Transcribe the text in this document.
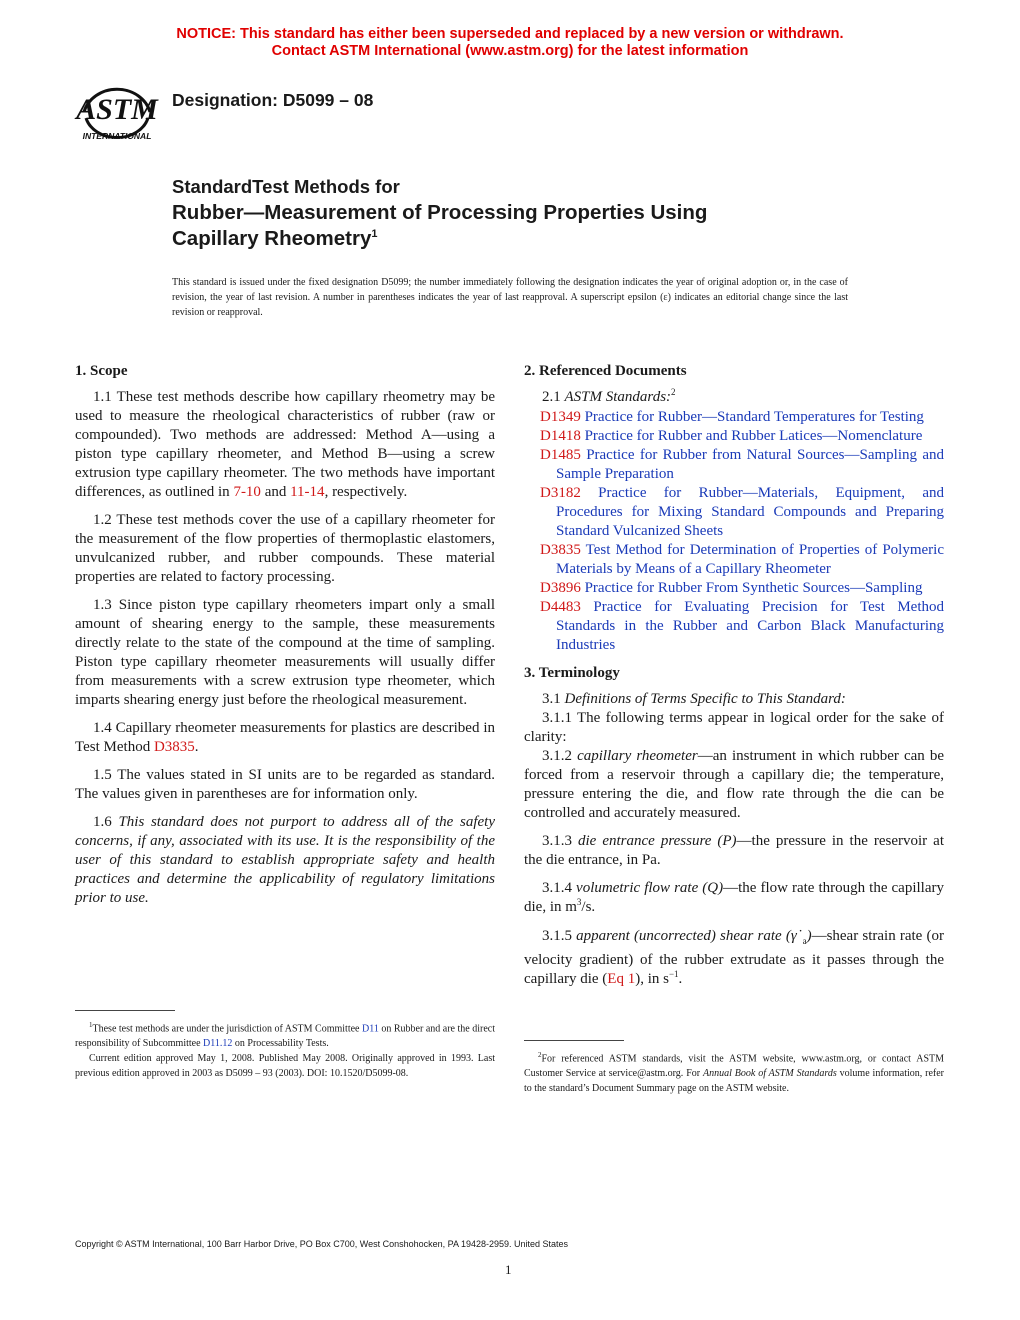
NOTICE: This standard has either been superseded and replaced by a new version or withdrawn.
Contact ASTM International (www.astm.org) for the latest information
ASTM
INTERNATIONAL
Designation: D5099 – 08
StandardTest Methods for
Rubber—Measurement of Processing Properties Using
Capillary Rheometry$^1$
This standard is issued under the fixed designation D5099; the number immediately following the designation indicates the year of original adoption or, in the case of revision, the year of last revision. A number in parentheses indicates the year of last reapproval. A superscript epsilon (ε) indicates an editorial change since the last revision or reapproval.
1. Scope

1.1 These test methods describe how capillary rheometry may be used to measure the rheological characteristics of rubber (raw or compounded). Two methods are addressed: Method A—using a piston type capillary rheometer, and Method B—using a screw extrusion type capillary rheometer. The two methods have important differences, as outlined in 7-10 and 11-14, respectively.

1.2 These test methods cover the use of a capillary rheometer for the measurement of the flow properties of thermoplastic elastomers, unvulcanized rubber, and rubber compounds. These material properties are related to factory processing.

1.3 Since piston type capillary rheometers impart only a small amount of shearing energy to the sample, these measurements directly relate to the state of the compound at the time of sampling. Piston type capillary rheometer measurements will usually differ from measurements with a screw extrusion type rheometer, which imparts shearing energy just before the rheological measurement.

1.4 Capillary rheometer measurements for plastics are described in Test Method D3835.

1.5 The values stated in SI units are to be regarded as standard. The values given in parentheses are for information only.

1.6 This standard does not purport to address all of the safety concerns, if any, associated with its use. It is the responsibility of the user of this standard to establish appropriate safety and health practices and determine the applicability of regulatory limitations prior to use.

2. Referenced Documents

2.1 ASTM Standards:$^2$

D1349 Practice for Rubber—Standard Temperatures for Testing

D1418 Practice for Rubber and Rubber Latices—Nomenclature

D1485 Practice for Rubber from Natural Sources—Sampling and Sample Preparation

D3182 Practice for Rubber—Materials, Equipment, and Procedures for Mixing Standard Compounds and Preparing Standard Vulcanized Sheets

D3835 Test Method for Determination of Properties of Polymeric Materials by Means of a Capillary Rheometer

D3896 Practice for Rubber From Synthetic Sources—Sampling

D4483 Practice for Evaluating Precision for Test Method Standards in the Rubber and Carbon Black Manufacturing Industries

3. Terminology

3.1 Definitions of Terms Specific to This Standard:

3.1.1 The following terms appear in logical order for the sake of clarity:

3.1.2 capillary rheometer—an instrument in which rubber can be forced from a reservoir through a capillary die; the temperature, pressure entering the die, and flow rate through the die can be controlled and accurately measured.

3.1.3 die entrance pressure (P)—the pressure in the reservoir at the die entrance, in Pa.

3.1.4 volumetric flow rate (Q)—the flow rate through the capillary die, in $m^3/s$.

3.1.5 apparent (uncorrected) shear rate $(\gamma˙_a)—shear$ strain rate (or velocity gradient) of the rubber extrudate as it passes through the capillary die (Eq 1), in $s^{-1}$.

$^1$These test methods are under the jurisdiction of ASTM Committee D11 on Rubber and are the direct responsibility of Subcommittee D11.12 on Processability Tests.

Current edition approved May 1, 2008. Published May 2008. Originally approved in 1993. Last previous edition approved in 2003 as D5099 – 93 (2003). DOI: 10.1520/D5099-08.

$^2$For referenced ASTM standards, visit the ASTM website, www.astm.org, or contact ASTM Customer Service at service@astm.org. For Annual Book of ASTM Standards volume information, refer to the standard’s Document Summary page on the ASTM website.

Copyright © ASTM International, 100 Barr Harbor Drive, PO Box C700, West Conshohocken, PA 19428-2959. United States
1
